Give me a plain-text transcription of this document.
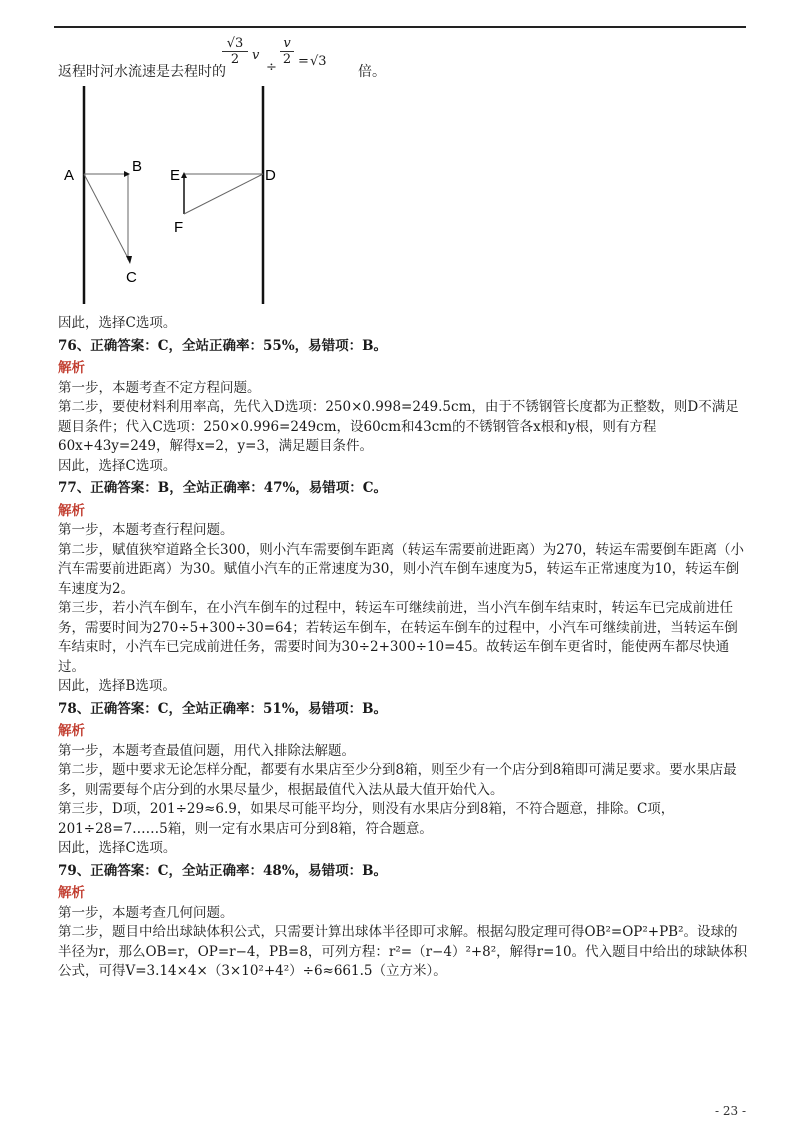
返程时河水流速是去程时的	倍。
$\frac{√3}{2}$ v
÷
$\frac{v}{2} = √3$
A
B
C
D
E
F

因此，选择C选项。

76、正确答案：C，全站正确率：55%，易错项：B。

解析

第一步，本题考查不定方程问题。

第二步，要使材料利用率高，先代入D选项：250×0.998=249.5cm，由于不锈钢管长度都为正整数，则D不满足题目条件；代入C选项：250×0.996=249cm，设60cm和43cm的不锈钢管各x根和y根，则有方程60x+43y=249，解得x=2，y=3，满足题目条件。

因此，选择C选项。

77、正确答案：B，全站正确率：47%，易错项：C。

解析

第一步，本题考查行程问题。

第二步，赋值狭窄道路全长300，则小汽车需要倒车距离（转运车需要前进距离）为270，转运车需要倒车距离（小汽车需要前进距离）为30。赋值小汽车的正常速度为30，则小汽车倒车速度为5，转运车正常速度为10，转运车倒车速度为2。

第三步，若小汽车倒车，在小汽车倒车的过程中，转运车可继续前进，当小汽车倒车结束时，转运车已完成前进任务，需要时间为270÷5+300÷30=64；若转运车倒车，在转运车倒车的过程中，小汽车可继续前进，当转运车倒车结束时，小汽车已完成前进任务，需要时间为30÷2+300÷10=45。故转运车倒车更省时，能使两车都尽快通过。

因此，选择B选项。

78、正确答案：C，全站正确率：51%，易错项：B。

解析

第一步，本题考查最值问题，用代入排除法解题。

第二步，题中要求无论怎样分配，都要有水果店至少分到8箱，则至少有一个店分到8箱即可满足要求。要水果店最多，则需要每个店分到的水果尽量少，根据最值代入法从最大值开始代入。

第三步，D项，201÷29≈6.9，如果尽可能平均分，则没有水果店分到8箱，不符合题意，排除。C项，201÷28=7……5箱，则一定有水果店可分到8箱，符合题意。

因此，选择C选项。

79、正确答案：C，全站正确率：48%，易错项：B。

解析

第一步，本题考查几何问题。

第二步，题目中给出球缺体积公式，只需要计算出球体半径即可求解。根据勾股定理可得OB²=OP²+PB²。设球的半径为r，那么OB=r，OP=r−4，PB=8，可列方程：r²=（r−4）²+8²，解得r=10。代入题目中给出的球缺体积公式，可得V=3.14×4×（3×10²+4²）÷6≈661.5（立方米）。

- 23 -
